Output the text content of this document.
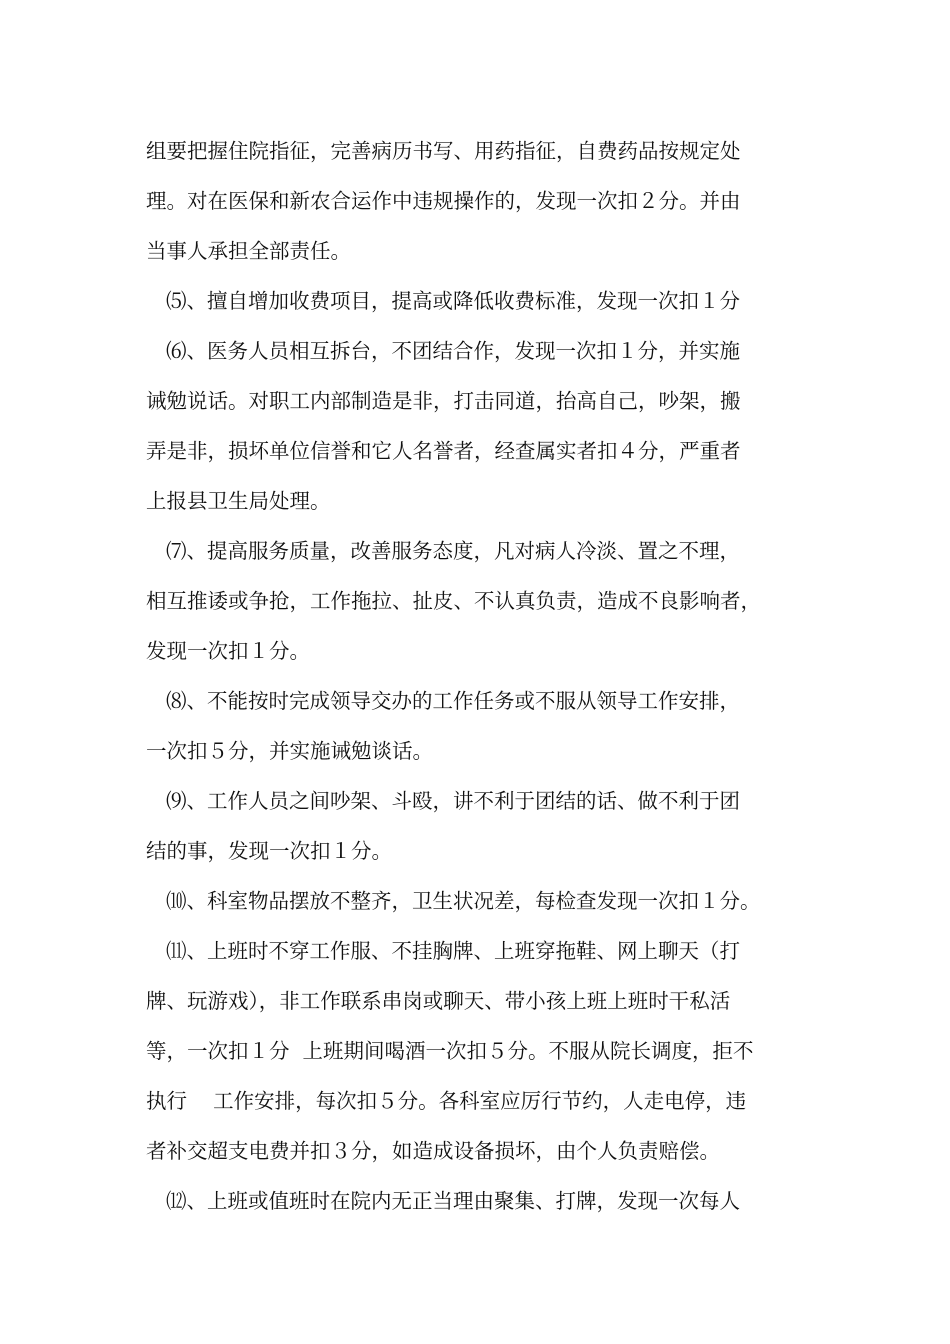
组要把握住院指征，完善病历书写、用药指征，自费药品按规定处
理。对在医保和新农合运作中违规操作的，发现一次扣２分。并由
当事人承担全部责任。
⑸、擅自增加收费项目，提高或降低收费标准，发现一次扣１分
⑹、医务人员相互拆台，不团结合作，发现一次扣１分，并实施
诫勉说话。对职工内部制造是非，打击同道，抬高自己，吵架，搬
弄是非，损坏单位信誉和它人名誉者，经查属实者扣４分，严重者
上报县卫生局处理。
⑺、提高服务质量，改善服务态度，凡对病人冷淡、置之不理，
相互推诿或争抢，工作拖拉、扯皮、不认真负责，造成不良影响者，
发现一次扣１分。
⑻、不能按时完成领导交办的工作任务或不服从领导工作安排，
一次扣５分，并实施诫勉谈话。
⑼、工作人员之间吵架、斗殴，讲不利于团结的话、做不利于团
结的事，发现一次扣１分。
⑽、科室物品摆放不整齐，卫生状况差，每检查发现一次扣１分。
⑾、上班时不穿工作服、不挂胸牌、上班穿拖鞋、网上聊天（打
牌、玩游戏），非工作联系串岗或聊天、带小孩上班上班时干私活
等，一次扣１分  上班期间喝酒一次扣５分。不服从院长调度，拒不
执行    工作安排，每次扣５分。各科室应厉行节约，人走电停，违
者补交超支电费并扣３分，如造成设备损坏，由个人负责赔偿。
⑿、上班或值班时在院内无正当理由聚集、打牌，发现一次每人
